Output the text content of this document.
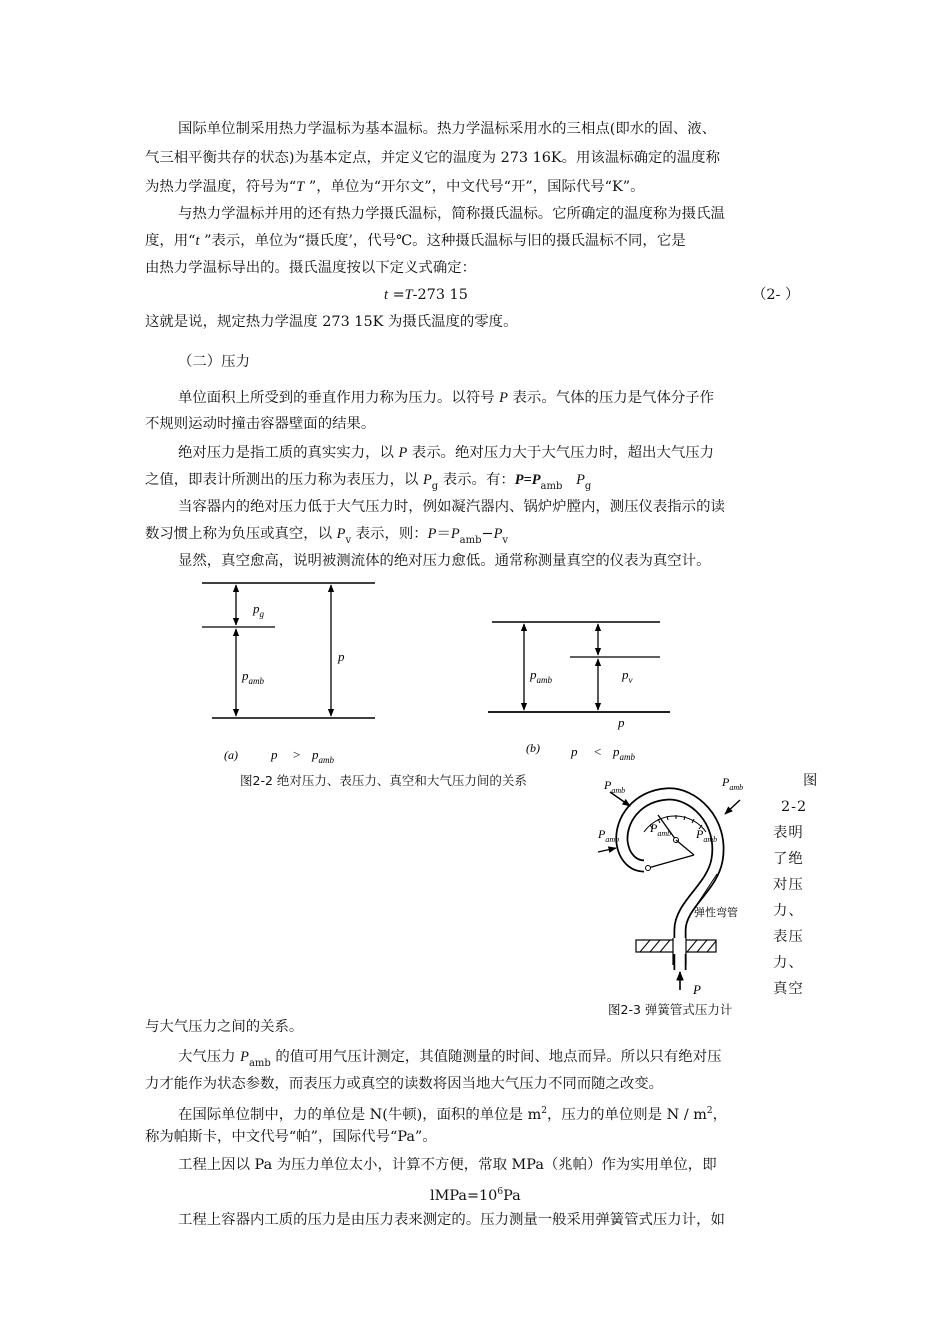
国际单位制采用热力学温标为基本温标。热力学温标采用水的三相点(即水的固、液、
气三相平衡共存的状态)为基本定点，并定义它的温度为 273 16K。用该温标确定的温度称
为热力学温度，符号为“T ”，单位为“开尔文”，中文代号“开”，国际代号“K”。
与热力学温标并用的还有热力学摄氏温标，简称摄氏温标。它所确定的温度称为摄氏温
度，用“t ”表示，单位为“摄氏度’，代号℃。这种摄氏温标与旧的摄氏温标不同，它是
由热力学温标导出的。摄氏温度按以下定义式确定：
t =T-273 15	（2- ）
这就是说，规定热力学温度 273 15K 为摄氏温度的零度。
（二）压力
单位面积上所受到的垂直作用力称为压力。以符号 P 表示。气体的压力是气体分子作
不规则运动时撞击容器壁面的结果。
绝对压力是指工质的真实实力，以 P 表示。绝对压力大于大气压力时，超出大气压力
之值，即表计所测出的压力称为表压力，以 $P_g$ 表示。有：$P=P_{amb}$ $P_g$
当容器内的绝对压力低于大气压力时，例如凝汽器内、锅炉炉膛内，测压仪表指示的读
数习惯上称为负压或真空，以 $P_v$ 表示，则：$P=P_{amb}-P_v$
显然，真空愈高，说明被测流体的绝对压力愈低。通常称测量真空的仪表为真空计。
$p_g$
$p_{amb}$
p
(a)	$p > p_{amb}$
$p_{amb}$	$p_v$
p
(b) $p < p_{amb}$
图2-2 绝对压力、表压力、真空和大气压力间的关系	图
2-2
表明
了绝
对压
力、
表压
力、
真空
$P_{amb}$
$P_{amb}$
$P_{amb}$
$P_{amb}$ $P_{amb}$
弹性弯管
P
图2-3 弹簧管式压力计
与大气压力之间的关系。
大气压力 $P_{amb}$ 的值可用气压计测定，其值随测量的时间、地点而异。所以只有绝对压
力才能作为状态参数，而表压力或真空的读数将因当地大气压力不同而随之改变。
在国际单位制中，力的单位是 N(牛顿)，面积的单位是 $m^2$，压力的单位则是 N / $m^2$，
称为帕斯卡，中文代号“帕”，国际代号“Pa”。
工程上因以 Pa 为压力单位太小，计算不方便，常取 MPa（兆帕）作为实用单位，即
$lMPa=10^6Pa$
工程上容器内工质的压力是由压力表来测定的。压力测量一般采用弹簧管式压力计，如
